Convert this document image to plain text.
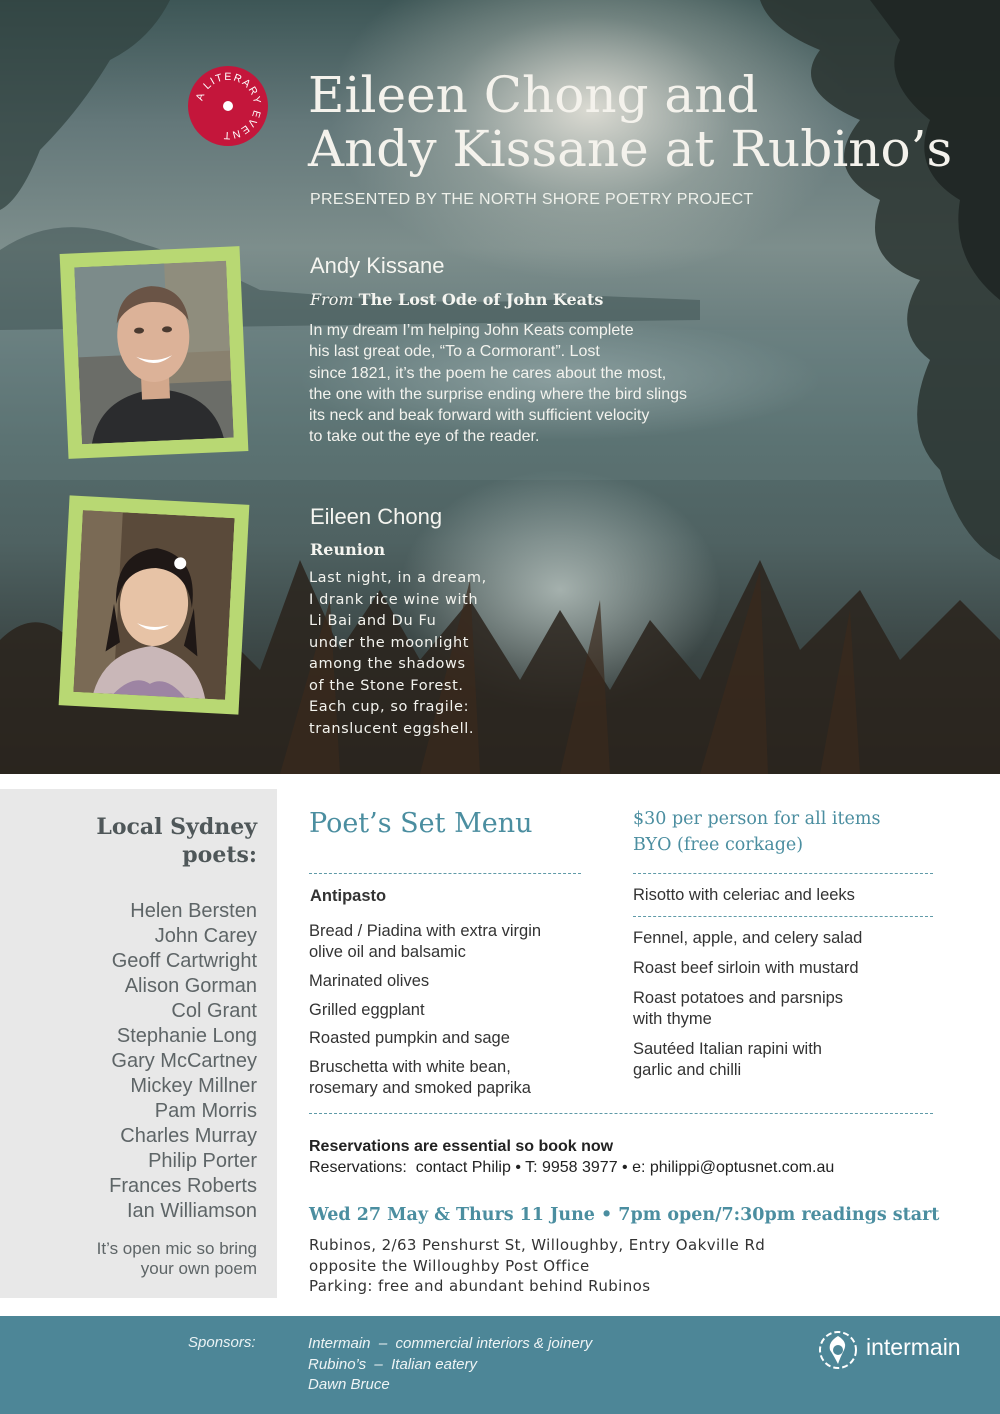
A LITERARY EVENT
Eileen Chong and
Andy Kissane at Rubino’s
PRESENTED BY THE NORTH SHORE POETRY PROJECT
Andy Kissane
From The Lost Ode of John Keats
In my dream I’m helping John Keats complete
his last great ode, “To a Cormorant”. Lost
since 1821, it’s the poem he cares about the most,
the one with the surprise ending where the bird slings
its neck and beak forward with sufficient velocity
to take out the eye of the reader.
Eileen Chong
Reunion
Last night, in a dream,
I drank rice wine with
Li Bai and Du Fu
under the moonlight
among the shadows
of the Stone Forest.
Each cup, so fragile:
translucent eggshell.
Local Sydney
poets:
Helen Bersten
John Carey
Geoff Cartwright
Alison Gorman
Col Grant
Stephanie Long
Gary McCartney
Mickey Millner
Pam Morris
Charles Murray
Philip Porter
Frances Roberts
Ian Williamson
It’s open mic so bring
your own poem
Poet’s Set Menu	$30 per person for all items
BYO (free corkage)
Antipasto
Bread / Piadina with extra virgin
olive oil and balsamic
Marinated olives
Grilled eggplant
Roasted pumpkin and sage
Bruschetta with white bean,
rosemary and smoked paprika
Risotto with celeriac and leeks
Fennel, apple, and celery salad
Roast beef sirloin with mustard
Roast potatoes and parsnips
with thyme
Sautéed Italian rapini with
garlic and chilli
Reservations are essential so book now
Reservations:  contact Philip • T: 9958 3977 • e: philippi@optusnet.com.au
Wed 27 May & Thurs 11 June • 7pm open/7:30pm readings start
Rubinos, 2/63 Penshurst St, Willoughby, Entry Oakville Rd
opposite the Willoughby Post Office
Parking: free and abundant behind Rubinos
Sponsors:	Intermain  –  commercial interiors & joinery
Rubino’s  –  Italian eatery
Dawn Bruce
intermain
